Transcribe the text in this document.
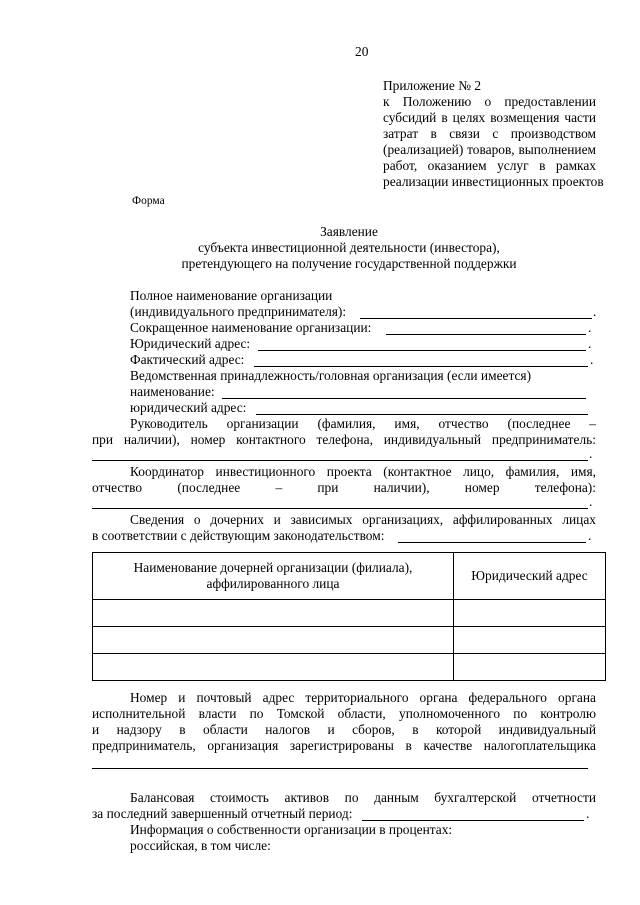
20
Приложение № 2
к Положению о предоставлении
субсидий в целях возмещения части
затрат в связи с производством
(реализацией) товаров, выполнением
работ, оказанием услуг в рамках
реализации инвестиционных проектов
Форма
Заявление
субъекта инвестиционной деятельности (инвестора),
претендующего на получение государственной поддержки
Полное наименование организации
(индивидуального предпринимателя):	.
Сокращенное наименование организации:	.
Юридический адрес:	.
Фактический адрес:	.
Ведомственная принадлежность/головная организация (если имеется)
наименование:
юридический адрес:
Руководитель организации (фамилия, имя, отчество (последнее –
при наличии), номер контактного телефона, индивидуальный предприниматель:
.
Координатор инвестиционного проекта (контактное лицо, фамилия, имя,
отчество (последнее – при наличии), номер телефона):
.
Сведения о дочерних и зависимых организациях, аффилированных лицах
в соответствии с действующим законодательством:	.
Наименование дочерней организации (филиала),
аффилированного лица	Юридический адрес

Номер и почтовый адрес территориального органа федерального органа
исполнительной власти по Томской области, уполномоченного по контролю
и надзору в области налогов и сборов, в которой индивидуальный
предприниматель, организация зарегистрированы в качестве налогоплательщика
Балансовая стоимость активов по данным бухгалтерской отчетности
за последний завершенный отчетный период:	.
Информация о собственности организации в процентах:
российская, в том числе:
